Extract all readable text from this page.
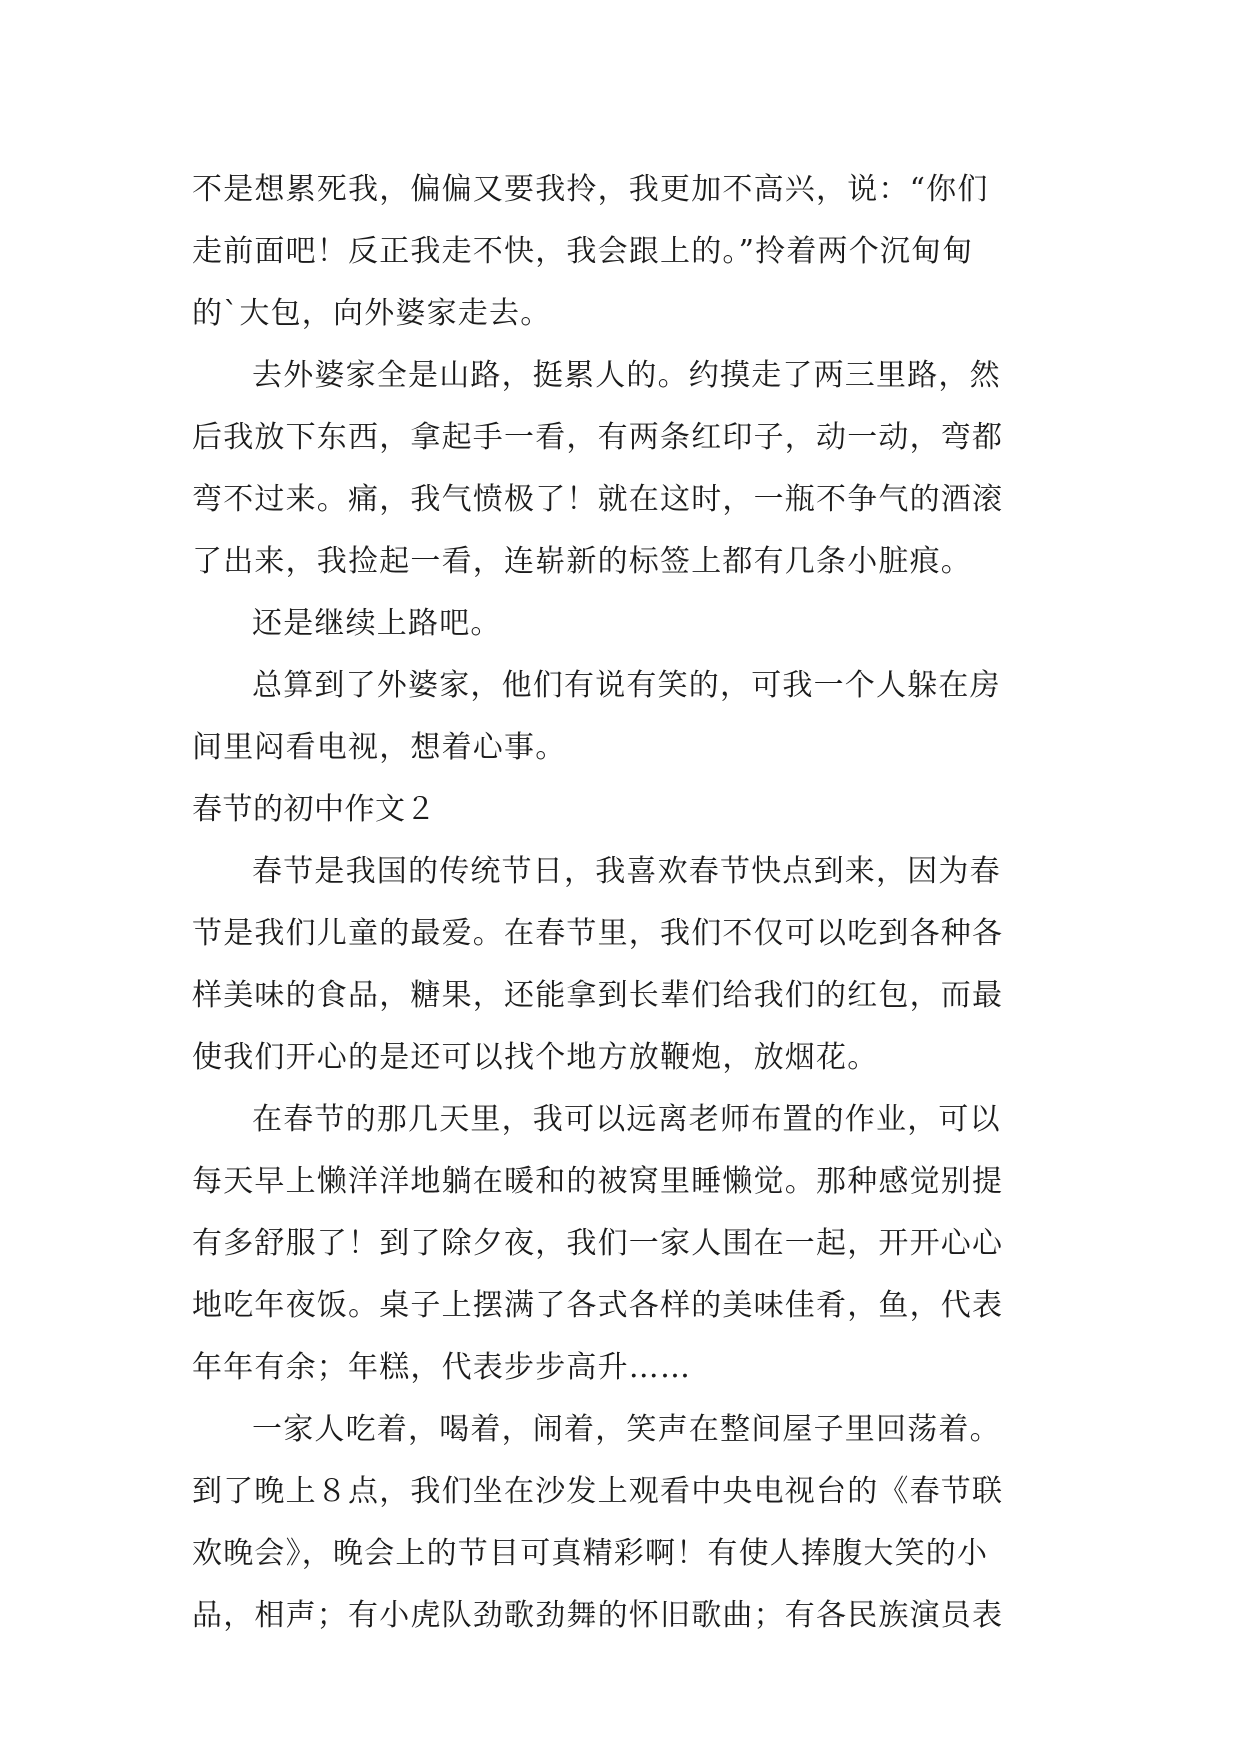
不是想累死我，偏偏又要我拎，我更加不高兴，说：“你们
走前面吧！反正我走不快，我会跟上的。”拎着两个沉甸甸
的`大包，向外婆家走去。
去外婆家全是山路，挺累人的。约摸走了两三里路，然
后我放下东西，拿起手一看，有两条红印子，动一动，弯都
弯不过来。痛，我气愤极了！就在这时，一瓶不争气的酒滚
了出来，我捡起一看，连崭新的标签上都有几条小脏痕。
还是继续上路吧。
总算到了外婆家，他们有说有笑的，可我一个人躲在房
间里闷看电视，想着心事。
春节的初中作文２
春节是我国的传统节日，我喜欢春节快点到来，因为春
节是我们儿童的最爱。在春节里，我们不仅可以吃到各种各
样美味的食品，糖果，还能拿到长辈们给我们的红包，而最
使我们开心的是还可以找个地方放鞭炮，放烟花。
在春节的那几天里，我可以远离老师布置的作业，可以
每天早上懒洋洋地躺在暖和的被窝里睡懒觉。那种感觉别提
有多舒服了！到了除夕夜，我们一家人围在一起，开开心心
地吃年夜饭。桌子上摆满了各式各样的美味佳肴，鱼，代表
年年有余；年糕，代表步步高升……
一家人吃着，喝着，闹着，笑声在整间屋子里回荡着。
到了晚上８点，我们坐在沙发上观看中央电视台的《春节联
欢晚会》，晚会上的节目可真精彩啊！有使人捧腹大笑的小
品，相声；有小虎队劲歌劲舞的怀旧歌曲；有各民族演员表
